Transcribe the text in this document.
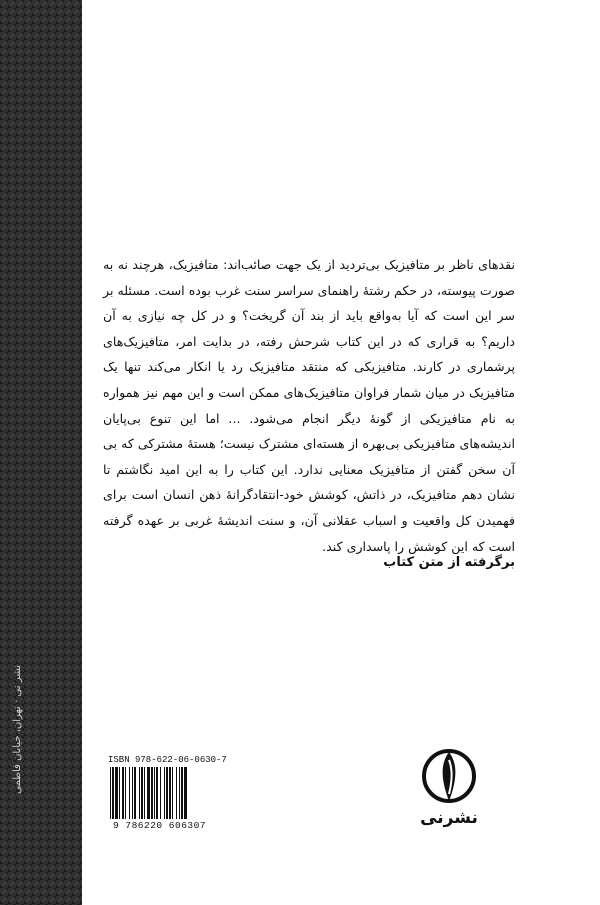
نشر نی · تهران، خیابان فاطمی

نقدهای ناظر بر متافیزیک بی‌تردید از یک جهت صائب‌اند: متافیزیک، هرچند نه به صورت پیوسته، در حکم رشتهٔ راهنمای سراسر سنت غرب بوده است. مسئله بر سر این است که آیا به‌واقع باید از بند آن گریخت؟ و در کل چه نیازی به آن داریم؟ به قراری که در این کتاب شرحش رفته، در بدایت امر، متافیزیک‌های پرشماری در کارند. متافیزیکی که منتقد متافیزیک رد یا انکار می‌کند تنها یک متافیزیک در میان شمار فراوان متافیزیک‌های ممکن است و این مهم نیز همواره به نام متافیزیکی از گونهٔ دیگر انجام می‌شود. ... اما این تنوع بی‌پایان اندیشه‌های متافیزیکی بی‌بهره از هسته‌ای مشترک نیست؛ هستهٔ مشترکی که بی آن سخن گفتن از متافیزیک معنایی ندارد. این کتاب را به این امید نگاشتم تا نشان دهم متافیزیک، در ذاتش، کوشش خود-انتقادگرانهٔ ذهن انسان است برای فهمیدن کل واقعیت و اسباب عقلانی آن، و سنت اندیشهٔ غربی بر عهده گرفته است که این کوشش را پاسداری کند.

برگرفته از متن کتاب
ISBN 978-622-06-0630-7
9 786220 606307	نشرنی
